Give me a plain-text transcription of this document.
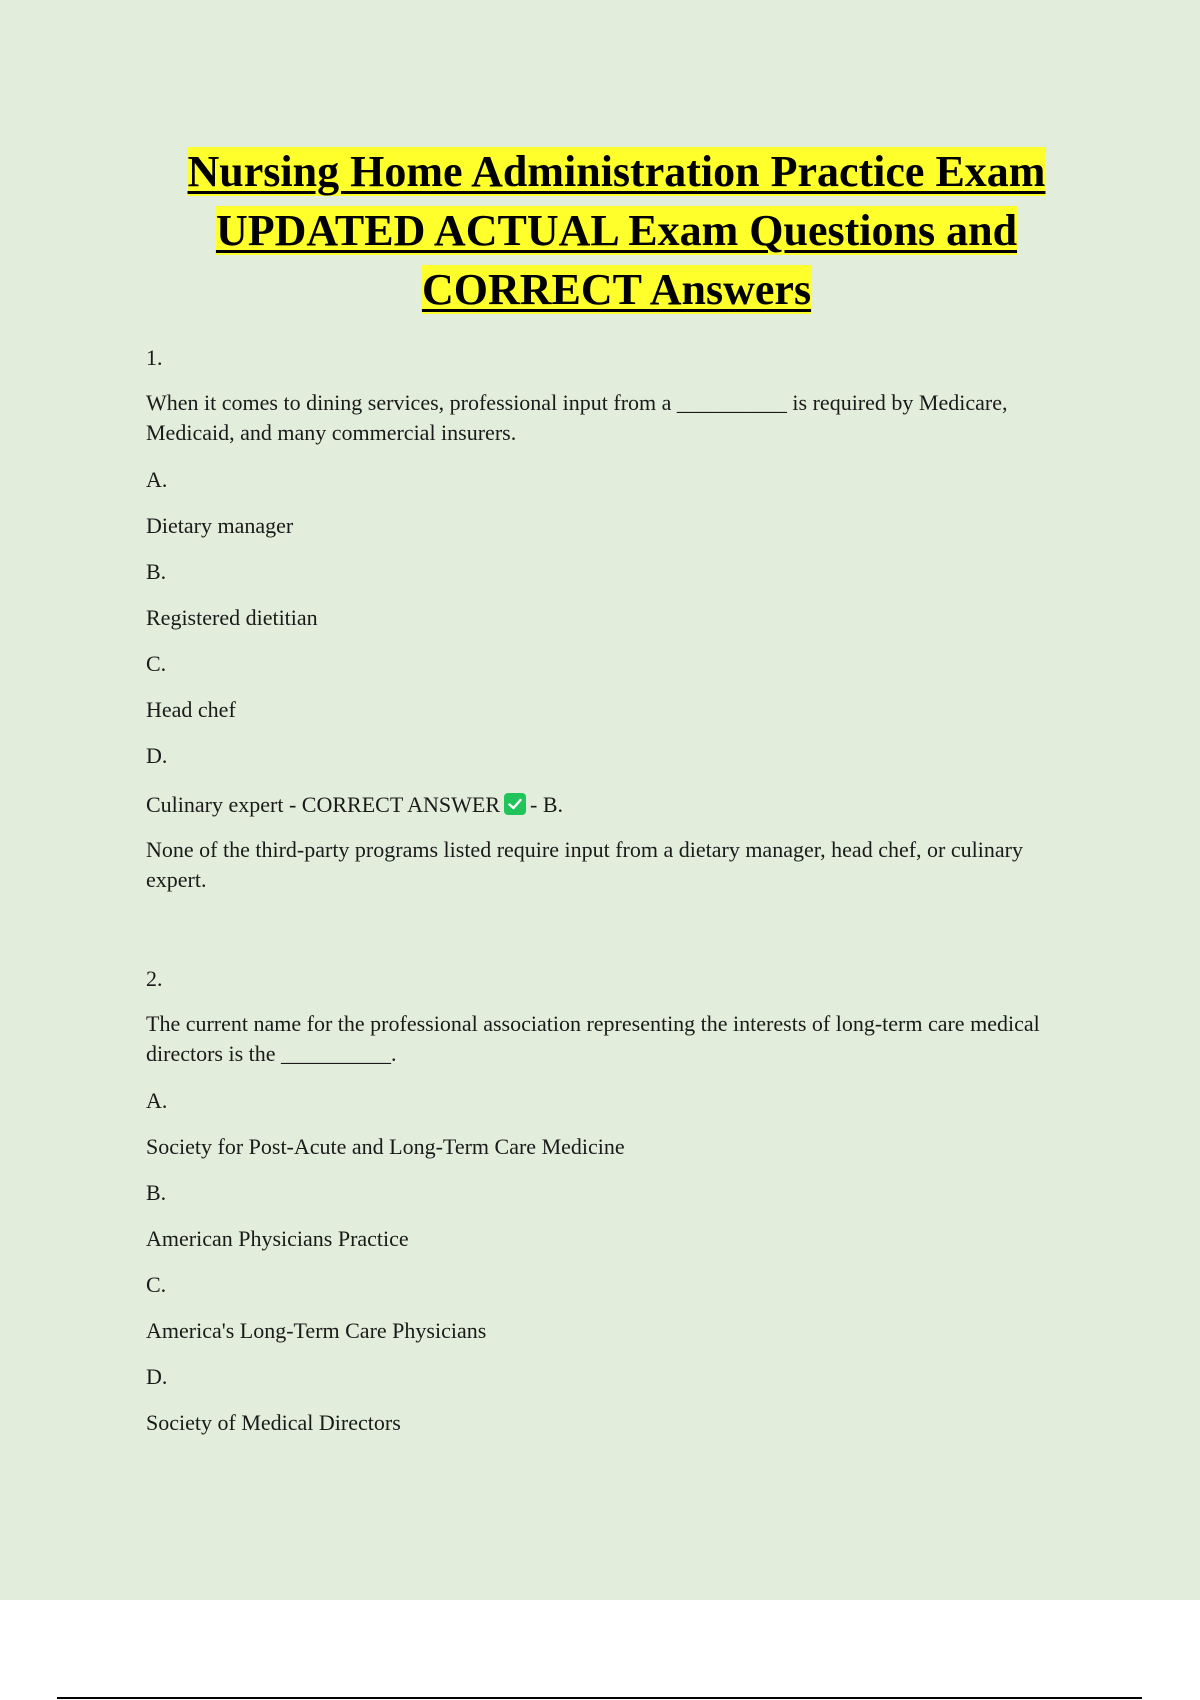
Nursing Home Administration Practice Exam UPDATED ACTUAL Exam Questions and CORRECT Answers

1.

When it comes to dining services, professional input from a __________ is required by Medicare, Medicaid, and many commercial insurers.

A.

Dietary manager

B.

Registered dietitian

C.

Head chef

D.

Culinary expert - CORRECT ANSWER - B.

None of the third-party programs listed require input from a dietary manager, head chef, or culinary expert.

2.

The current name for the professional association representing the interests of long-term care medical directors is the __________.

A.

Society for Post-Acute and Long-Term Care Medicine

B.

American Physicians Practice

C.

America's Long-Term Care Physicians

D.

Society of Medical Directors
